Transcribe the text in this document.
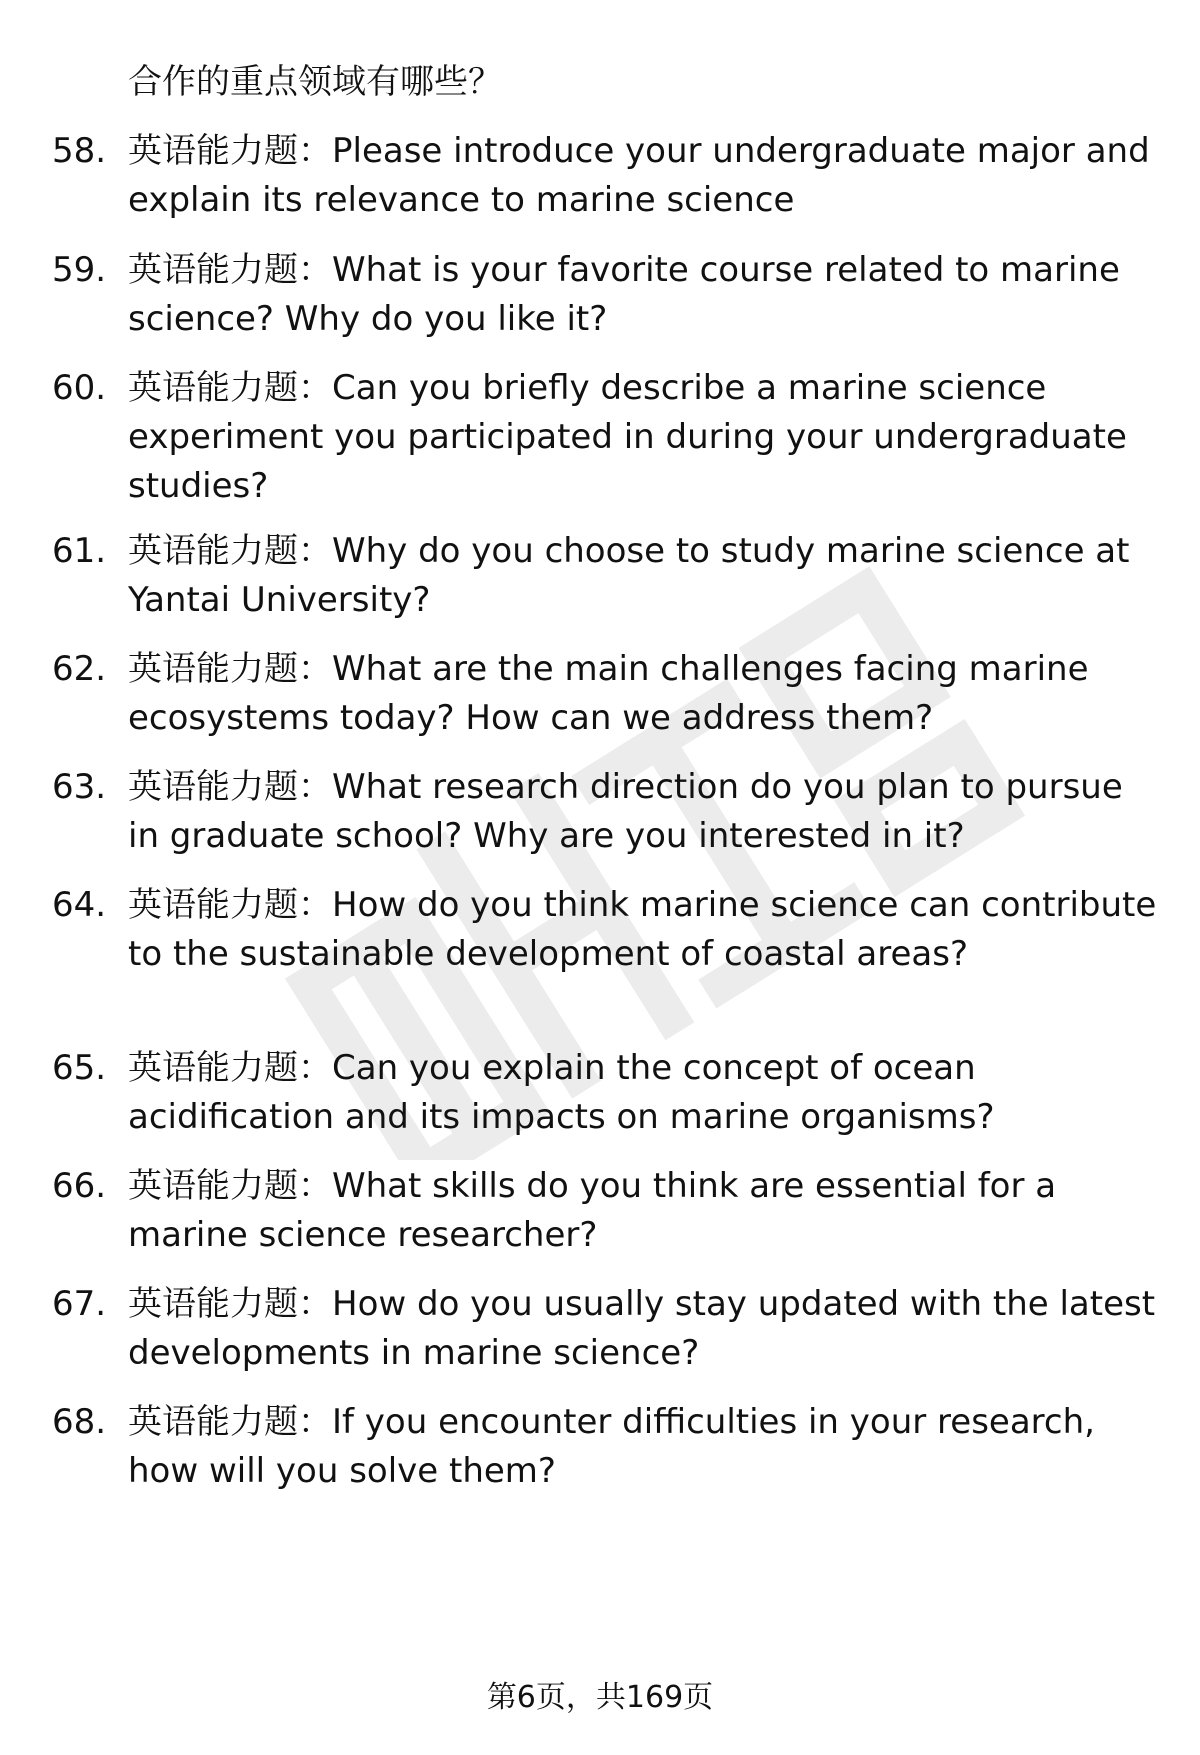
合作的重点领域有哪些？
58. 英语能力题：Please introduce your undergraduate major and explain its relevance to marine science
59. 英语能力题：What is your favorite course related to marine science? Why do you like it?
60. 英语能力题：Can you briefly describe a marine science experiment you participated in during your undergraduate studies?
61. 英语能力题：Why do you choose to study marine science at Yantai University?
62. 英语能力题：What are the main challenges facing marine ecosystems today? How can we address them?
63. 英语能力题：What research direction do you plan to pursue in graduate school? Why are you interested in it?
64. 英语能力题：How do you think marine science can contribute to the sustainable development of coastal areas?
65. 英语能力题：Can you explain the concept of ocean acidification and its impacts on marine organisms?
66. 英语能力题：What skills do you think are essential for a marine science researcher?
67. 英语能力题：How do you usually stay updated with the latest developments in marine science?
68. 英语能力题：If you encounter difficulties in your research, how will you solve them?
第6页，共169页
